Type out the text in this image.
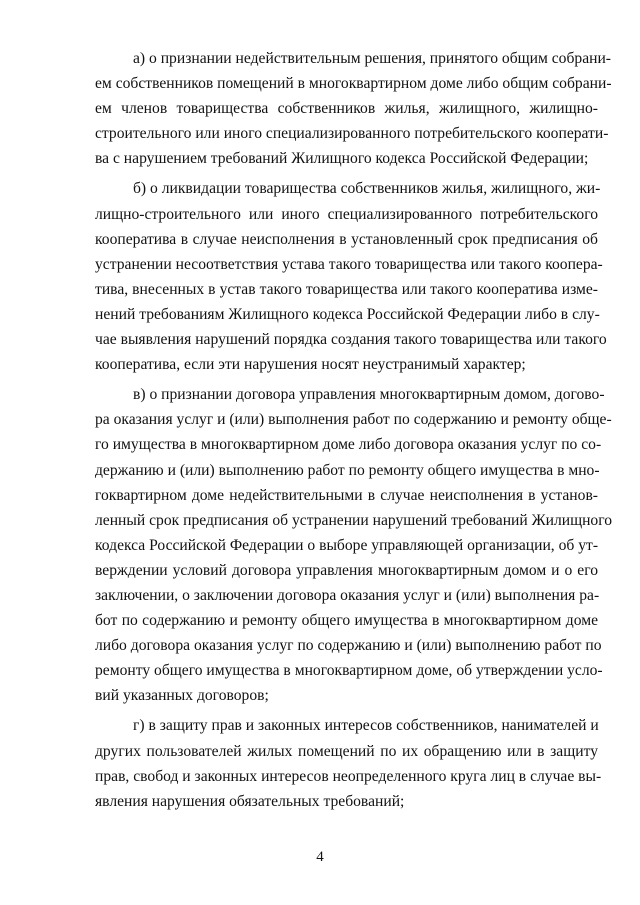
а) о признании недействительным решения, принятого общим собрани-
ем собственников помещений в многоквартирном доме либо общим собрани-
ем членов товарищества собственников жилья, жилищного, жилищно-
строительного или иного специализированного потребительского кооперати-
ва с нарушением требований Жилищного кодекса Российской Федерации;
б) о ликвидации товарищества собственников жилья, жилищного, жи-
лищно-строительного или иного специализированного потребительского
кооператива в случае неисполнения в установленный срок предписания об
устранении несоответствия устава такого товарищества или такого коопера-
тива, внесенных в устав такого товарищества или такого кооператива изме-
нений требованиям Жилищного кодекса Российской Федерации либо в слу-
чае выявления нарушений порядка создания такого товарищества или такого
кооператива, если эти нарушения носят неустранимый характер;
в) о признании договора управления многоквартирным домом, догово-
ра оказания услуг и (или) выполнения работ по содержанию и ремонту обще-
го имущества в многоквартирном доме либо договора оказания услуг по со-
держанию и (или) выполнению работ по ремонту общего имущества в мно-
гоквартирном доме недействительными в случае неисполнения в установ-
ленный срок предписания об устранении нарушений требований Жилищного
кодекса Российской Федерации о выборе управляющей организации, об ут-
верждении условий договора управления многоквартирным домом и о его
заключении, о заключении договора оказания услуг и (или) выполнения ра-
бот по содержанию и ремонту общего имущества в многоквартирном доме
либо договора оказания услуг по содержанию и (или) выполнению работ по
ремонту общего имущества в многоквартирном доме, об утверждении усло-
вий указанных договоров;
г) в защиту прав и законных интересов собственников, нанимателей и
других пользователей жилых помещений по их обращению или в защиту
прав, свобод и законных интересов неопределенного круга лиц в случае вы-
явления нарушения обязательных требований;
4
